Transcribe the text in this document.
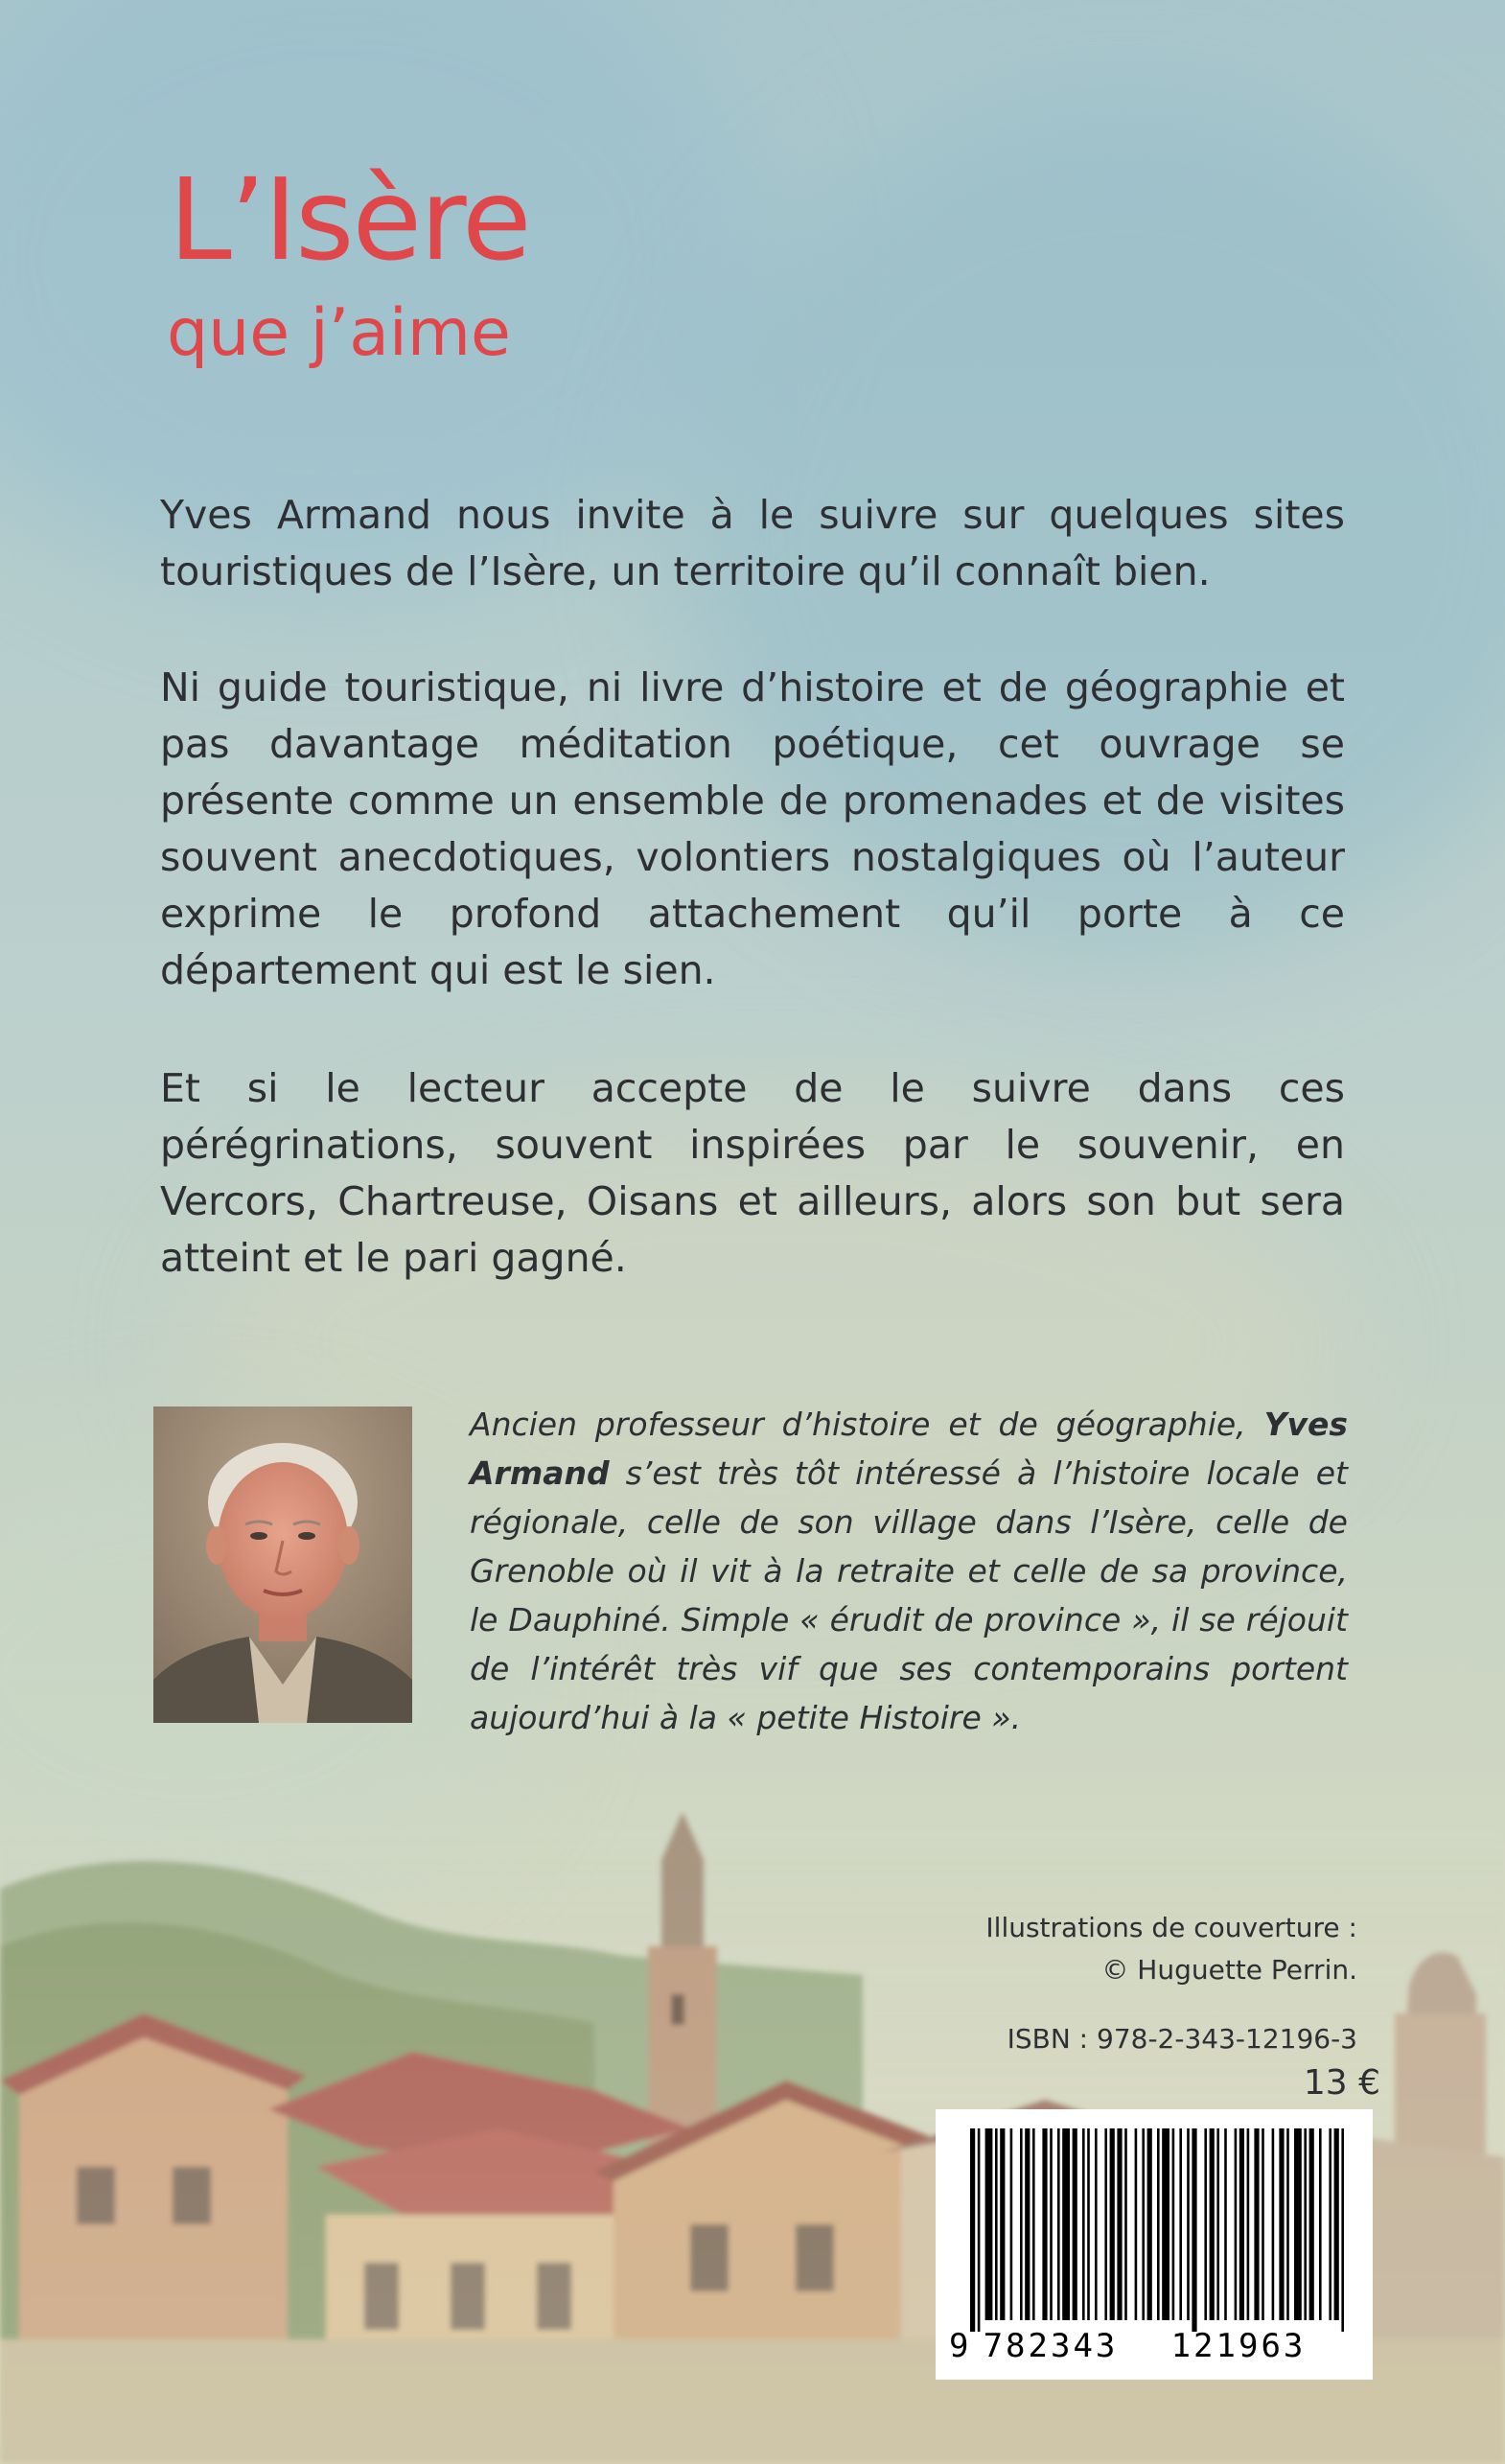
L’Isère
que j’aime

Yves Armand nous invite à le suivre sur quelques sites touristiques de l’Isère, un territoire qu’il connaît bien.

Ni guide touristique, ni livre d’histoire et de géographie et pas davantage méditation poétique, cet ouvrage se présente comme un ensemble de promenades et de visites souvent anecdotiques, volontiers nostalgiques où l’auteur exprime le profond attachement qu’il porte à ce département qui est le sien.

Et si le lecteur accepte de le suivre dans ces pérégrinations, souvent inspirées par le souvenir, en Vercors, Chartreuse, Oisans et ailleurs, alors son but sera atteint et le pari gagné.

Ancien professeur d’histoire et de géographie, Yves Armand s’est très tôt intéressé à l’histoire locale et régionale, celle de son village dans l’Isère, celle de Grenoble où il vit à la retraite et celle de sa province, le Dauphiné. Simple « érudit de province », il se réjouit de l’intérêt très vif que ses contemporains portent aujourd’hui à la « petite Histoire ».

Illustrations de couverture :
© Huguette Perrin.
ISBN : 978-2-343-12196-3
13 €
9 782343 121963
